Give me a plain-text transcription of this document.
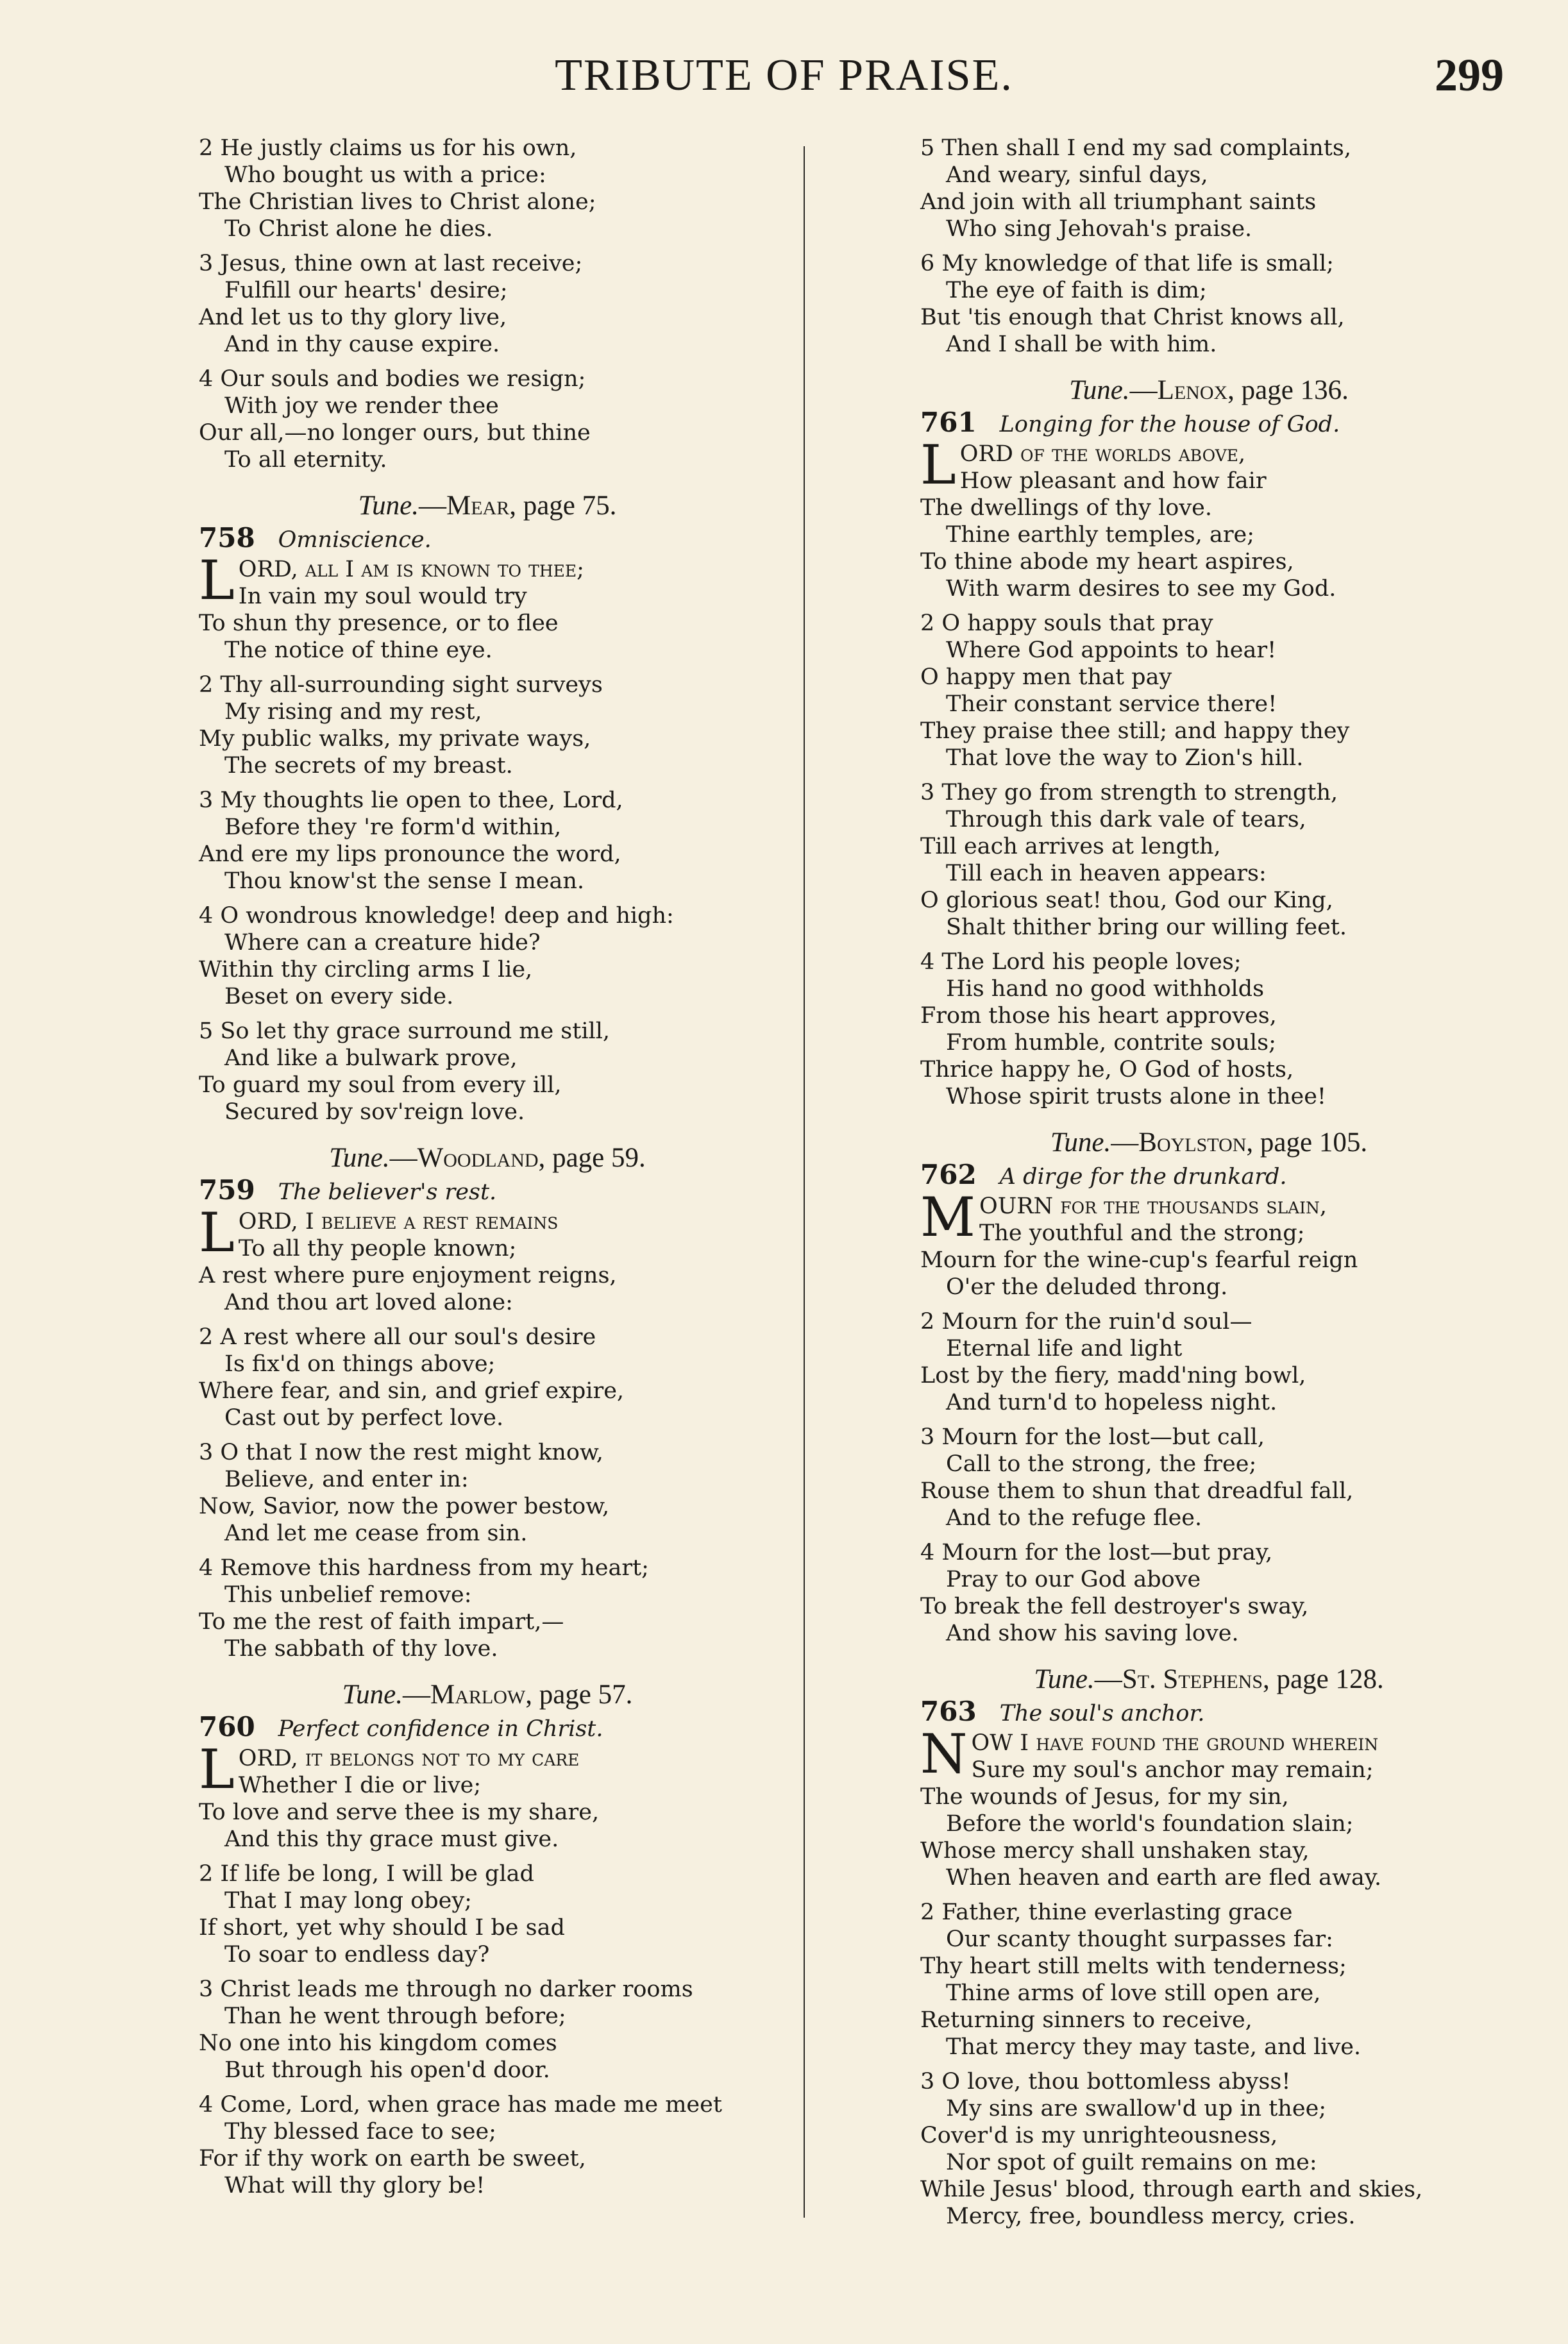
TRIBUTE OF PRAISE.	299
2 He justly claims us for his own,
Who bought us with a price:
The Christian lives to Christ alone;
To Christ alone he dies.
3 Jesus, thine own at last receive;
Fulfill our hearts' desire;
And let us to thy glory live,
And in thy cause expire.
4 Our souls and bodies we resign;
With joy we render thee
Our all,—no longer ours, but thine
To all eternity.
Tune.—Mear, page 75.
758 Omniscience.
LORD, all I am is known to thee;
In vain my soul would try
To shun thy presence, or to flee
The notice of thine eye.
2 Thy all-surrounding sight surveys
My rising and my rest,
My public walks, my private ways,
The secrets of my breast.
3 My thoughts lie open to thee, Lord,
Before they 're form'd within,
And ere my lips pronounce the word,
Thou know'st the sense I mean.
4 O wondrous knowledge! deep and high:
Where can a creature hide?
Within thy circling arms I lie,
Beset on every side.
5 So let thy grace surround me still,
And like a bulwark prove,
To guard my soul from every ill,
Secured by sov'reign love.
Tune.—Woodland, page 59.
759 The believer's rest.
LORD, I believe a rest remains
To all thy people known;
A rest where pure enjoyment reigns,
And thou art loved alone:
2 A rest where all our soul's desire
Is fix'd on things above;
Where fear, and sin, and grief expire,
Cast out by perfect love.
3 O that I now the rest might know,
Believe, and enter in:
Now, Savior, now the power bestow,
And let me cease from sin.
4 Remove this hardness from my heart;
This unbelief remove:
To me the rest of faith impart,—
The sabbath of thy love.
Tune.—Marlow, page 57.
760 Perfect confidence in Christ.
LORD, it belongs not to my care
Whether I die or live;
To love and serve thee is my share,
And this thy grace must give.
2 If life be long, I will be glad
That I may long obey;
If short, yet why should I be sad
To soar to endless day?
3 Christ leads me through no darker rooms
Than he went through before;
No one into his kingdom comes
But through his open'd door.
4 Come, Lord, when grace has made me meet
Thy blessed face to see;
For if thy work on earth be sweet,
What will thy glory be!
5 Then shall I end my sad complaints,
And weary, sinful days,
And join with all triumphant saints
Who sing Jehovah's praise.
6 My knowledge of that life is small;
The eye of faith is dim;
But 'tis enough that Christ knows all,
And I shall be with him.
Tune.—Lenox, page 136.
761 Longing for the house of God.
LORD of the worlds above,
How pleasant and how fair
The dwellings of thy love.
Thine earthly temples, are;
To thine abode my heart aspires,
With warm desires to see my God.
2 O happy souls that pray
Where God appoints to hear!
O happy men that pay
Their constant service there!
They praise thee still; and happy they
That love the way to Zion's hill.
3 They go from strength to strength,
Through this dark vale of tears,
Till each arrives at length,
Till each in heaven appears:
O glorious seat! thou, God our King,
Shalt thither bring our willing feet.
4 The Lord his people loves;
His hand no good withholds
From those his heart approves,
From humble, contrite souls;
Thrice happy he, O God of hosts,
Whose spirit trusts alone in thee!
Tune.—Boylston, page 105.
762 A dirge for the drunkard.
MOURN for the thousands slain,
The youthful and the strong;
Mourn for the wine-cup's fearful reign
O'er the deluded throng.
2 Mourn for the ruin'd soul—
Eternal life and light
Lost by the fiery, madd'ning bowl,
And turn'd to hopeless night.
3 Mourn for the lost—but call,
Call to the strong, the free;
Rouse them to shun that dreadful fall,
And to the refuge flee.
4 Mourn for the lost—but pray,
Pray to our God above
To break the fell destroyer's sway,
And show his saving love.
Tune.—St. Stephens, page 128.
763 The soul's anchor.
NOW I have found the ground wherein
Sure my soul's anchor may remain;
The wounds of Jesus, for my sin,
Before the world's foundation slain;
Whose mercy shall unshaken stay,
When heaven and earth are fled away.
2 Father, thine everlasting grace
Our scanty thought surpasses far:
Thy heart still melts with tenderness;
Thine arms of love still open are,
Returning sinners to receive,
That mercy they may taste, and live.
3 O love, thou bottomless abyss!
My sins are swallow'd up in thee;
Cover'd is my unrighteousness,
Nor spot of guilt remains on me:
While Jesus' blood, through earth and skies,
Mercy, free, boundless mercy, cries.
